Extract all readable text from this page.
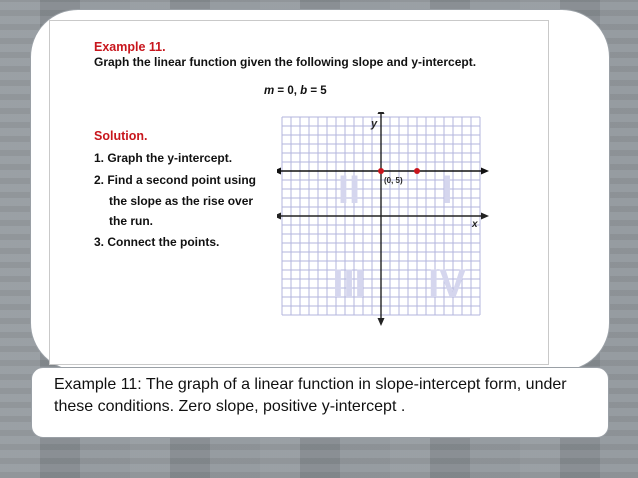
Example 11.
Graph the linear function given the following slope and y-intercept.
m = 0, b = 5
Solution.
1. Graph the y-intercept.
2. Find a second point using
the slope as the rise over
the run.
3. Connect the points.
II I
III IV
x
y
(0, 5)
Example 11: The graph of a linear function in slope-intercept form, under these conditions. Zero slope, positive y-intercept .
